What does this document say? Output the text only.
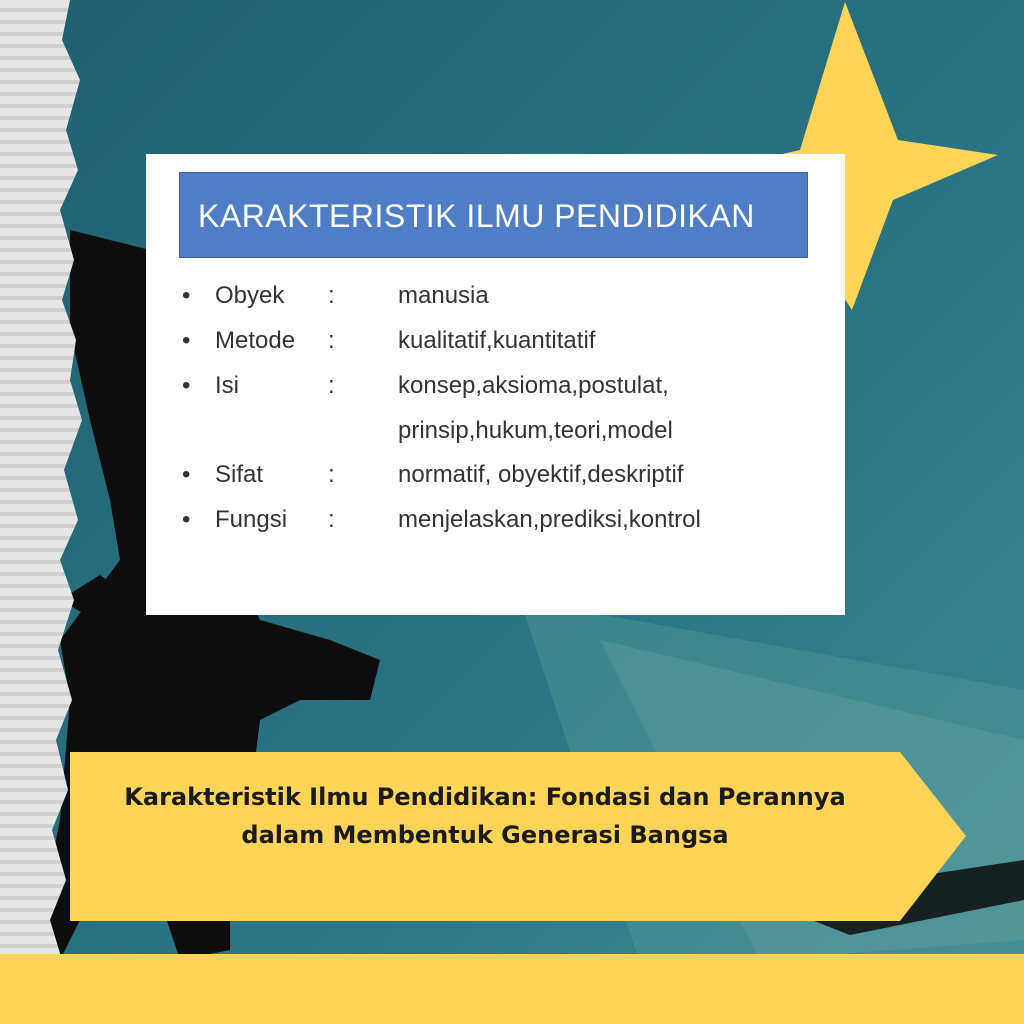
KARAKTERISTIK ILMU PENDIDIKAN
•	Obyek :	manusia
•	Metode :	kualitatif,kuantitatif
•	Isi	:	konsep,aksioma,postulat,
prinsip,hukum,teori,model
•	Sifat	:	normatif, obyektif,deskriptif
•	Fungsi :	menjelaskan,prediksi,kontrol
Karakteristik Ilmu Pendidikan: Fondasi dan Perannya
dalam Membentuk Generasi Bangsa
